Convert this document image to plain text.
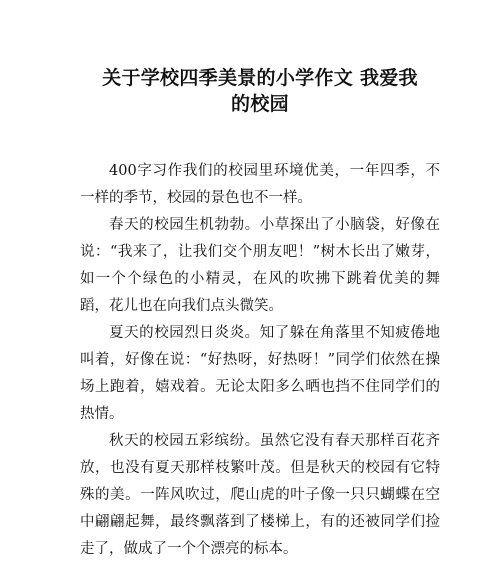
关于学校四季美景的小学作文 我爱我
的校园

400字习作我们的校园里环境优美，一年四季，不一样的季节，校园的景色也不一样。

春天的校园生机勃勃。小草探出了小脑袋，好像在说：“我来了，让我们交个朋友吧！”树木长出了嫩芽，如一个个绿色的小精灵，在风的吹拂下跳着优美的舞蹈，花儿也在向我们点头微笑。

夏天的校园烈日炎炎。知了躲在角落里不知疲倦地叫着，好像在说：“好热呀，好热呀！”同学们依然在操场上跑着，嬉戏着。无论太阳多么晒也挡不住同学们的热情。

秋天的校园五彩缤纷。虽然它没有春天那样百花齐放，也没有夏天那样枝繁叶茂。但是秋天的校园有它特殊的美。一阵风吹过，爬山虎的叶子像一只只蝴蝶在空中翩翩起舞，最终飘落到了楼梯上，有的还被同学们捡走了，做成了一个个漂亮的标本。
